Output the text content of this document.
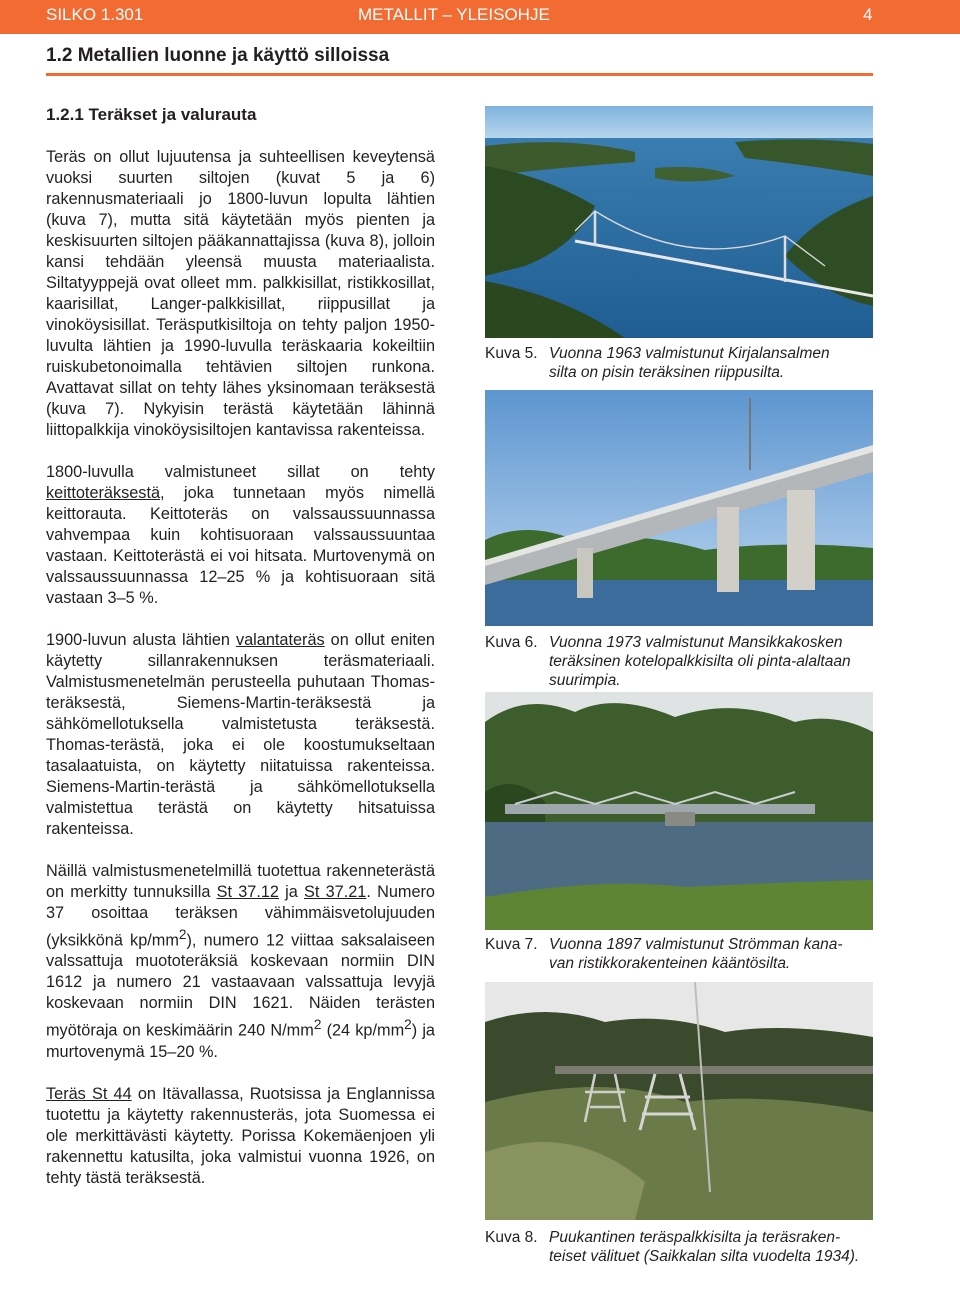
SILKO 1.301	METALLIT – YLEISOHJE	4
1.2 Metallien luonne ja käyttö silloissa
1.2.1 Teräkset ja valurauta

Teräs on ollut lujuutensa ja suhteellisen keveytensä vuoksi suurten siltojen (kuvat 5 ja 6) rakennusmateriaali jo 1800-luvun lopulta lähtien (kuva 7), mutta sitä käytetään myös pienten ja keskisuurten siltojen pääkannattajissa (kuva 8), jolloin kansi tehdään yleensä muusta materiaalista. Siltatyyppejä ovat olleet mm. palkkisillat, ristikkosillat, kaarisillat, Langer-palkkisillat, riippusillat ja vinoköysisillat. Teräsputkisiltoja on tehty paljon 1950-luvulta lähtien ja 1990-luvulla teräskaaria kokeiltiin ruiskubetonoimalla tehtävien siltojen runkona. Avattavat sillat on tehty lähes yksinomaan teräksestä (kuva 7). Nykyisin terästä käytetään lähinnä liittopalkkija vinoköysisiltojen kantavissa rakenteissa.

1800-luvulla valmistuneet sillat on tehty keittoteräksestä, joka tunnetaan myös nimellä keittorauta. Keittoteräs on valssaussuunnassa vahvempaa kuin kohtisuoraan valssaussuuntaa vastaan. Keittoterästä ei voi hitsata. Murtovenymä on valssaussuunnassa 12–25 % ja kohtisuoraan sitä vastaan 3–5 %.

1900-luvun alusta lähtien valantateräs on ollut eniten käytetty sillanrakennuksen teräsmateriaali. Valmistusmenetelmän perusteella puhutaan Thomas-teräksestä, Siemens-Martin-teräksestä ja sähkömellotuksella valmistetusta teräksestä. Thomas-terästä, joka ei ole koostumukseltaan tasalaatuista, on käytetty niitatuissa rakenteissa. Siemens-Martin-terästä ja sähkömellotuksella valmistettua terästä on käytetty hitsatuissa rakenteissa.

Näillä valmistusmenetelmillä tuotettua rakenneterästä on merkitty tunnuksilla St 37.12 ja St 37.21. Numero 37 osoittaa teräksen vähimmäisvetolujuuden (yksikkönä $kp/mm^2$), numero 12 viittaa saksalaiseen valssattuja muototeräksiä koskevaan normiin DIN 1612 ja numero 21 vastaavaan valssattuja levyjä koskevaan normiin DIN 1621. Näiden terästen myötöraja on keskimäärin 240 $N/mm^2$ (24 $kp/mm^2$) ja murtovenymä 15–20 %.

Teräs St 44 on Itävallassa, Ruotsissa ja Englannissa tuotettu ja käytetty rakennusteräs, jota Suomessa ei ole merkittävästi käytetty. Porissa Kokemäenjoen yli rakennettu katusilta, joka valmistui vuonna 1926, on tehty tästä teräksestä.

Kuva 5. Vuonna 1963 valmistunut Kirjalansalmen
silta on pisin teräksinen riippusilta.
Kuva 6. Vuonna 1973 valmistunut Mansikkakosken
teräksinen kotelopalkkisilta oli pinta-alaltaan
suurimpia.
Kuva 7. Vuonna 1897 valmistunut Strömman kana-
van ristikkorakenteinen kääntösilta.
Kuva 8. Puukantinen teräspalkkisilta ja teräsraken-
teiset välituet (Saikkalan silta vuodelta 1934).
